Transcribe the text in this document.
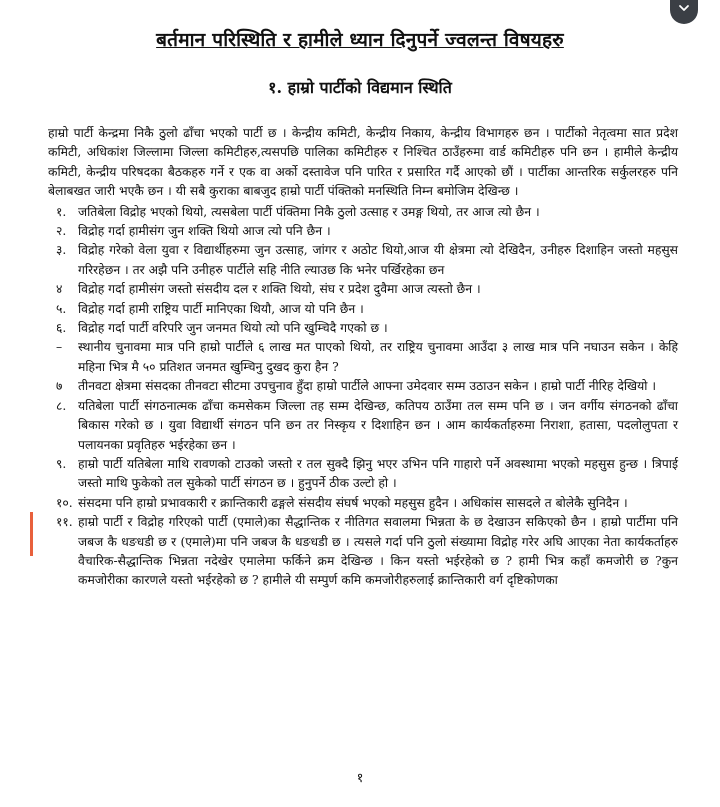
बर्तमान परिस्थिति र हामीले ध्यान दिनुपर्ने ज्वलन्त विषयहरु
१. हाम्रो पार्टीको विद्यमान स्थिति

हाम्रो पार्टी केन्द्रमा निकै ठुलो ढाँचा भएको पार्टी छ । केन्द्रीय कमिटी, केन्द्रीय निकाय, केन्द्रीय विभागहरु छन । पार्टीको नेतृत्वमा सात प्रदेश कमिटी, अधिकांश जिल्लामा जिल्ला कमिटीहरु,त्यसपछि पालिका कमिटीहरु र निश्चित ठाउँहरुमा वार्ड कमिटीहरु पनि छन । हामीले केन्द्रीय कमिटी, केन्द्रीय परिषदका बैठकहरु गर्ने र एक वा अर्को दस्तावेज पनि पारित र प्रसारित गर्दै आएको छौं । पार्टीका आन्तरिक सर्कुलरहरु पनि बेलाबखत जारी भएकै छन । यी सबै कुराका बाबजुद हाम्रो पार्टी पंक्तिको मनस्थिति निम्न बमोजिम देखिन्छ ।

१. जतिबेला विद्रोह भएको थियो, त्यसबेला पार्टी पंक्तिमा निकै ठुलो उत्साह र उमङ्ग थियो, तर आज त्यो छैन ।
२. विद्रोह गर्दा हामीसंग जुन शक्ति थियो आज त्यो पनि छैन ।
३. विद्रोह गरेको वेला युवा र विद्यार्थीहरुमा जुन उत्साह, जांगर र अठोट थियो,आज यी क्षेत्रमा त्यो देखिदैन, उनीहरु दिशाहिन जस्तो महसुस गरिरहेछन । तर अझै पनि उनीहरु पार्टीले सहि नीति ल्याउछ कि भनेर पर्खिरहेका छन
४	विद्रोह गर्दा हामीसंग जस्तो संसदीय दल र शक्ति थियो, संघ र प्रदेश दुवैमा आज त्यस्तो छैन ।
५. विद्रोह गर्दा हामी राष्ट्रिय पार्टी मानिएका थियौ, आज यो पनि छैन ।
६. विद्रोह गर्दा पार्टी वरिपरि जुन जनमत थियो त्यो पनि खुम्चिदै गएको छ ।
–	स्थानीय चुनावमा मात्र पनि हाम्रो पार्टीले ६ लाख मत पाएको थियो, तर राष्ट्रिय चुनावमा आउँदा ३ लाख मात्र पनि नघाउन सकेन । केहि महिना भित्र मै ५० प्रतिशत जनमत खुम्चिनु दुखद कुरा हैन ?
७	तीनवटा क्षेत्रमा संसदका तीनवटा सीटमा उपचुनाव हुँदा हाम्रो पार्टीले आफ्ना उमेदवार सम्म उठाउन सकेन । हाम्रो पार्टी नीरिह देखियो ।
८. यतिबेला पार्टी संगठनात्मक ढाँचा कमसेकम जिल्ला तह सम्म देखिन्छ, कतिपय ठाउँमा तल सम्म पनि छ । जन वर्गीय संगठनको ढाँचा बिकास गरेको छ । युवा विद्यार्थी संगठन पनि छन तर निस्कृय र दिशाहिन छन । आम कार्यकर्ताहरुमा निराशा, हतासा, पदलोलुपता र पलायनका प्रवृतिहरु भईरहेका छन ।
९. हाम्रो पार्टी यतिबेला माथि रावणको टाउको जस्तो र तल सुक्दै झिनु भएर उभिन पनि गाहारो पर्ने अवस्थामा भएको महसुस हुन्छ । त्रिपाई जस्तो माथि फुकेको तल सुकेको पार्टी संगठन छ । हुनुपर्ने ठीक उल्टो हो ।
१०. संसदमा पनि हाम्रो प्रभावकारी र क्रान्तिकारी ढङ्गले संसदीय संघर्ष भएको महसुस हुदैन । अधिकांस सासदले त बोलेकै सुनिदैन ।
११. हाम्रो पार्टी र विद्रोह गरिएको पार्टी (एमाले)का सैद्धान्तिक र नीतिगत सवालमा भिन्नता के छ देखाउन सकिएको छैन । हाम्रो पार्टीमा पनि जबज कै धङधडी छ र (एमाले)मा पनि जबज कै धङधडी छ । त्यसले गर्दा पनि ठुलो संख्यामा विद्रोह गरेर अघि आएका नेता कार्यकर्ताहरु वैचारिक-सैद्धान्तिक भिन्नता नदेखेर एमालेमा फर्किने क्रम देखिन्छ । किन यस्तो भईरहेको छ ? हामी भित्र कहाँ कमजोरी छ ?कुन कमजोरीका कारणले यस्तो भईरहेको छ ? हामीले यी सम्पुर्ण कमि कमजोरीहरुलाई क्रान्तिकारी वर्ग दृष्टिकोणका
१
